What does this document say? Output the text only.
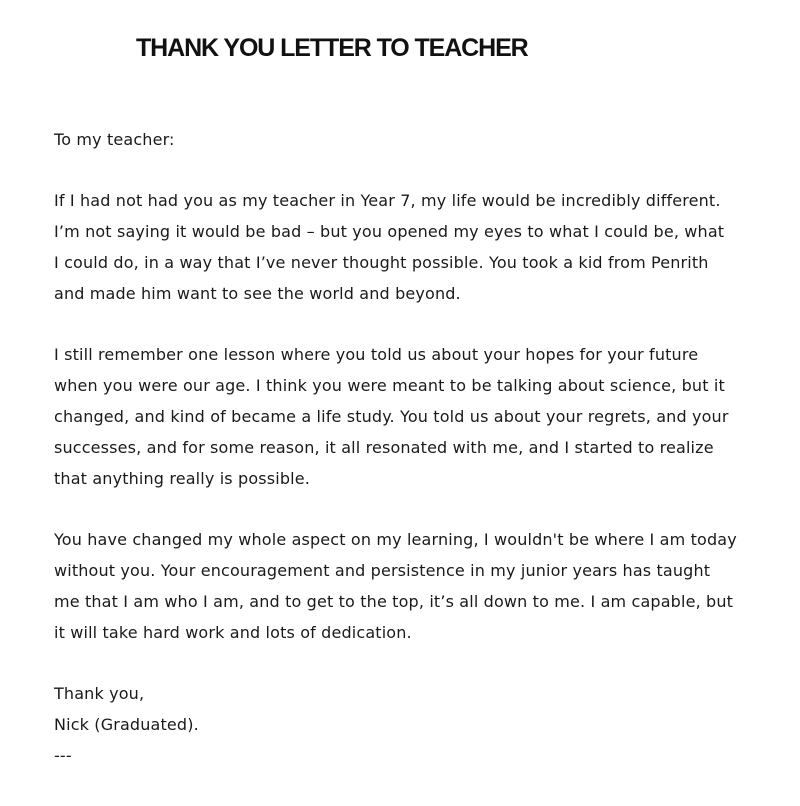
THANK YOU LETTER TO TEACHER
To my teacher:
If I had not had you as my teacher in Year 7, my life would be incredibly different.
I’m not saying it would be bad – but you opened my eyes to what I could be, what
I could do, in a way that I’ve never thought possible. You took a kid from Penrith
and made him want to see the world and beyond.
I still remember one lesson where you told us about your hopes for your future
when you were our age. I think you were meant to be talking about science, but it
changed, and kind of became a life study. You told us about your regrets, and your
successes, and for some reason, it all resonated with me, and I started to realize
that anything really is possible.
You have changed my whole aspect on my learning, I wouldn't be where I am today
without you. Your encouragement and persistence in my junior years has taught
me that I am who I am, and to get to the top, it’s all down to me. I am capable, but
it will take hard work and lots of dedication.
Thank you,
Nick (Graduated).
---
